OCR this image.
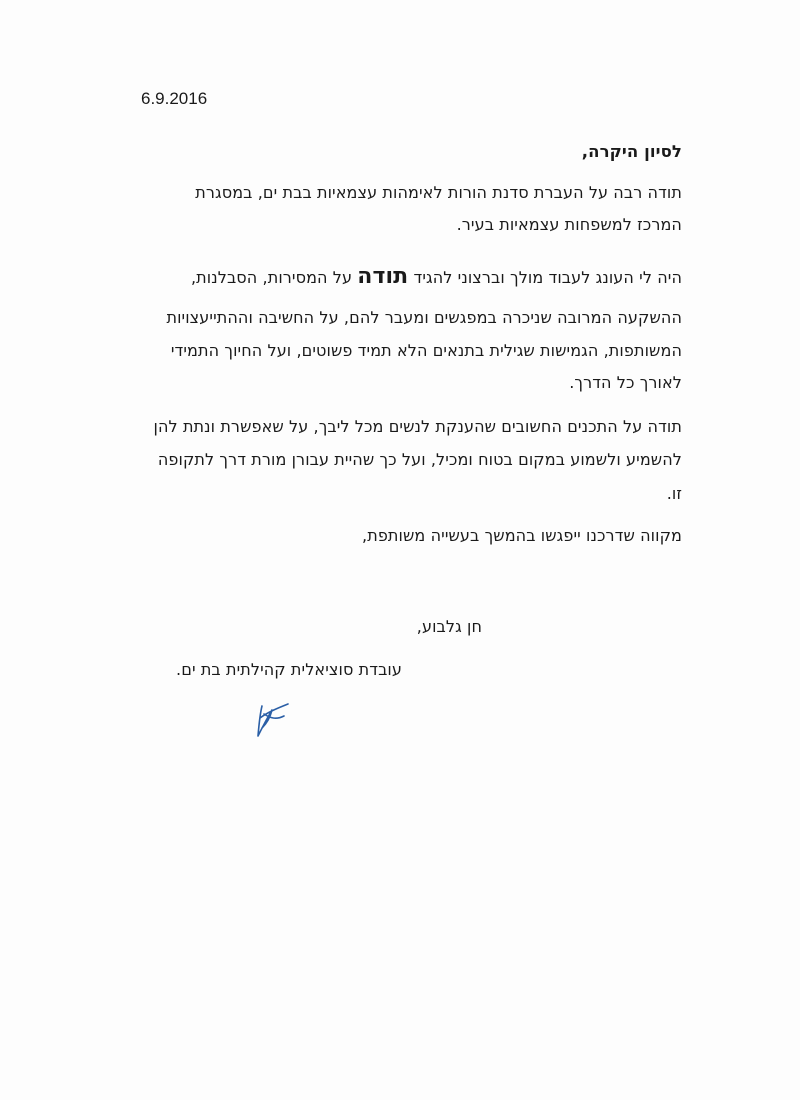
6.9.2016
לסיון היקרה,
תודה רבה על העברת סדנת הורות לאימהות עצמאיות בבת ים, במסגרת
המרכז למשפחות עצמאיות בעיר.
היה לי העונג לעבוד מולך וברצוני להגיד תודה על המסירות, הסבלנות,
ההשקעה המרובה שניכרה במפגשים ומעבר להם, על החשיבה וההתייעצויות
המשותפות, הגמישות שגילית בתנאים הלא תמיד פשוטים, ועל החיוך התמידי
לאורך כל הדרך.
תודה על התכנים החשובים שהענקת לנשים מכל ליבך, על שאפשרת ונתת להן
להשמיע ולשמוע במקום בטוח ומכיל, ועל כך שהיית עבורן מורת דרך לתקופה
זו.
מקווה שדרכנו ייפגשו בהמשך בעשייה משותפת,
חן גלבוע,
עובדת סוציאלית קהילתית בת ים.
